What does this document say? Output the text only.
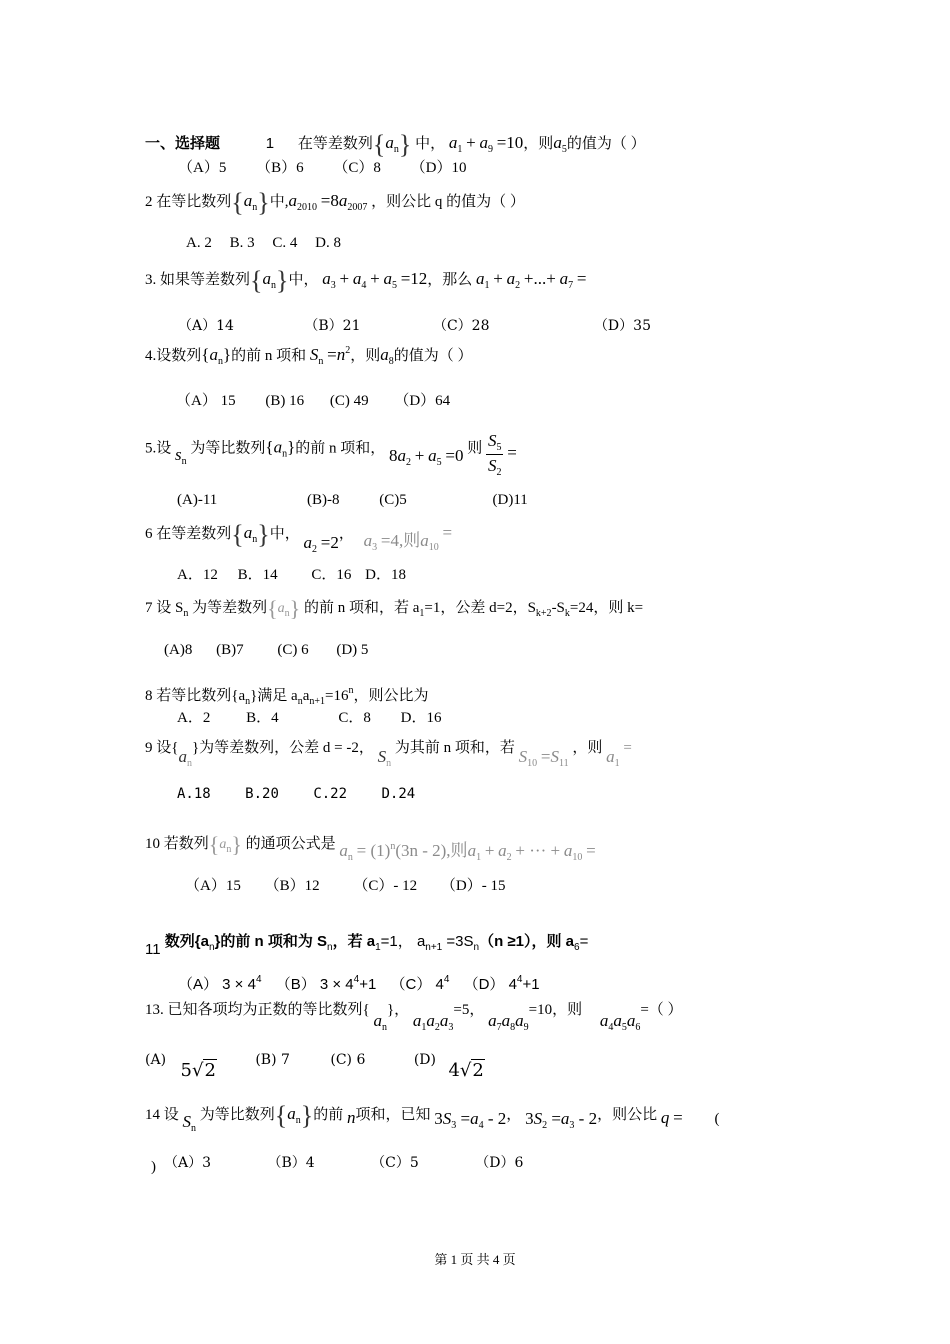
一、选择题	1 在等差数列$\{a_n\}$ 中， $a_1 + a_9 =10$，则$a_5$的值为（ ）
（A）5 （B）6 （C）8 （D）10
2 在等比数列$\{a_n\}$中$,a_{2010} =8a_{2007}$ ，则公比 q 的值为（ ）
A. 2 B. 3 C. 4 D. 8
3. 如果等差数列$\{a_n\}$中， $a_3 + a_4 + a_5 =12$，那么 $a_1 + a_2$ +...+ $a_7$ =
（A）14	（B）21	（C）28	（D）35
4.设数列$\{a_n\}$的前 n 项和 $S_n =n^2$，则$a_8$的值为（ ）
（A） 15 (B) 16 (C) 49 （D）64
5.设 $s_n$ 为等比数列$\{a_n\}$的前 n 项和， $8a_2 + a_5 =0$ 则 $\frac{S_5}{S_2}$ =
(A)-11	(B)-8	(C)5	(D)11
6 在等差数列$\{a_n\}$中， $a_2 =2$， $a_3 =4$,则$a_{10}$ =
A．12 B．14 C．16 D．18
7 设 $S_n$ 为等差数列$\{a_n\}$ 的前 n 项和，若 $a_1=1$，公差 d=2，$S_{k+2}-S_k=24$，则 k=
(A)8 (B)7 (C) 6 (D) 5
8 若等比数列$\{a_n\}$满足 $a_na_{n+1}=16^n$，则公比为
A．2 B．4	C．8 D．16
9 设$\{a_n\}$为等差数列，公差 d = -2， $S_n$ 为其前 n 项和，若 $S_{10} =S_{11}$ ，则 $a_1$ =
A.18 B.20 C.22 D.24
10 若数列$\{a_n\}$ 的通项公式是 $a_n = (1)^n(3n - 2)$,则$a_1 + a_2$ + ··· + $a_{10}$ =
（A）15 （B）12 （C）- 12 （D）- 15
11 数列$\{a_n\}$的前 n 项和为 $S_n$，若 $a_1=1$， $a_{n+1} =3S_n(n \ge 1)$，则 $a_6=$
（A） $3 \times 4^4$ （B） $3 \times 4^4+1$ （C） $4^4$ （D） $4^4+1$
13. 已知各项均为正数的等比数列{ $a_n$}， $a_1a_2a_3=5$， $a_7a_8a_9=10$，则 $a_4a_5a_6=$（ ）
(A) 5√2	(B) 7	(C) 6	(D) 4√2
14 设 $S_n$ 为等比数列$\{a_n\}$的前 n项和，已知 $3S_3 =a_4 - 2$， $3S_2 =a_3 - 2$，则公比 q = (
) （A）3	（B）4	（C）5	（D）6
第 1 页 共 4 页
